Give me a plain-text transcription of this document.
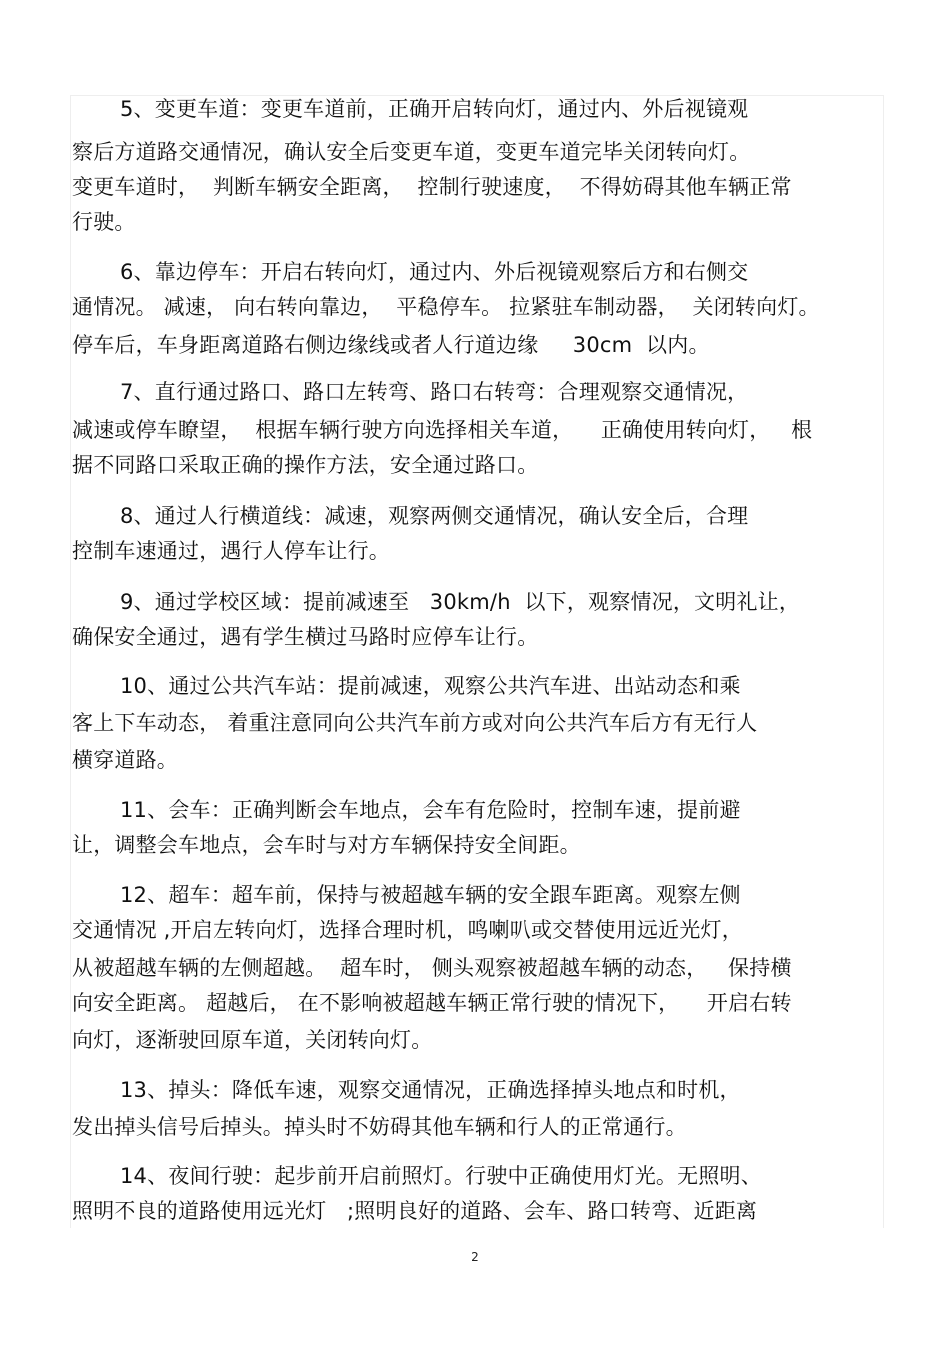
5、变更车道：变更车道前，正确开启转向灯，通过内、外后视镜观
察后方道路交通情况，确认安全后变更车道，变更车道完毕关闭转向灯。
变更车道时，  判断车辆安全距离，  控制行驶速度，  不得妨碍其他车辆正常
行驶。
6、靠边停车：开启右转向灯，通过内、外后视镜观察后方和右侧交
通情况。 减速， 向右转向靠边，  平稳停车。 拉紧驻车制动器，  关闭转向灯。
停车后，车身距离道路右侧边缘线或者人行道边缘     30cm  以内。
7、直行通过路口、路口左转弯、路口右转弯：合理观察交通情况，
减速或停车瞭望，  根据车辆行驶方向选择相关车道，    正确使用转向灯，   根
据不同路口采取正确的操作方法，安全通过路口。
8、通过人行横道线：减速，观察两侧交通情况，确认安全后，合理
控制车速通过，遇行人停车让行。
9、通过学校区域：提前减速至   30km/h  以下，观察情况，文明礼让，
确保安全通过，遇有学生横过马路时应停车让行。
10、通过公共汽车站：提前减速，观察公共汽车进、出站动态和乘
客上下车动态， 着重注意同向公共汽车前方或对向公共汽车后方有无行人
横穿道路。
11、会车：正确判断会车地点，会车有危险时，控制车速，提前避
让，调整会车地点，会车时与对方车辆保持安全间距。
12、超车：超车前，保持与被超越车辆的安全跟车距离。观察左侧
交通情况 ,开启左转向灯，选择合理时机，鸣喇叭或交替使用远近光灯，
从被超越车辆的左侧超越。  超车时， 侧头观察被超越车辆的动态，   保持横
向安全距离。 超越后， 在不影响被超越车辆正常行驶的情况下，    开启右转
向灯，逐渐驶回原车道，关闭转向灯。
13、掉头：降低车速，观察交通情况，正确选择掉头地点和时机，
发出掉头信号后掉头。掉头时不妨碍其他车辆和行人的正常通行。
14、夜间行驶：起步前开启前照灯。行驶中正确使用灯光。无照明、
照明不良的道路使用远光灯   ;照明良好的道路、会车、路口转弯、近距离
2
